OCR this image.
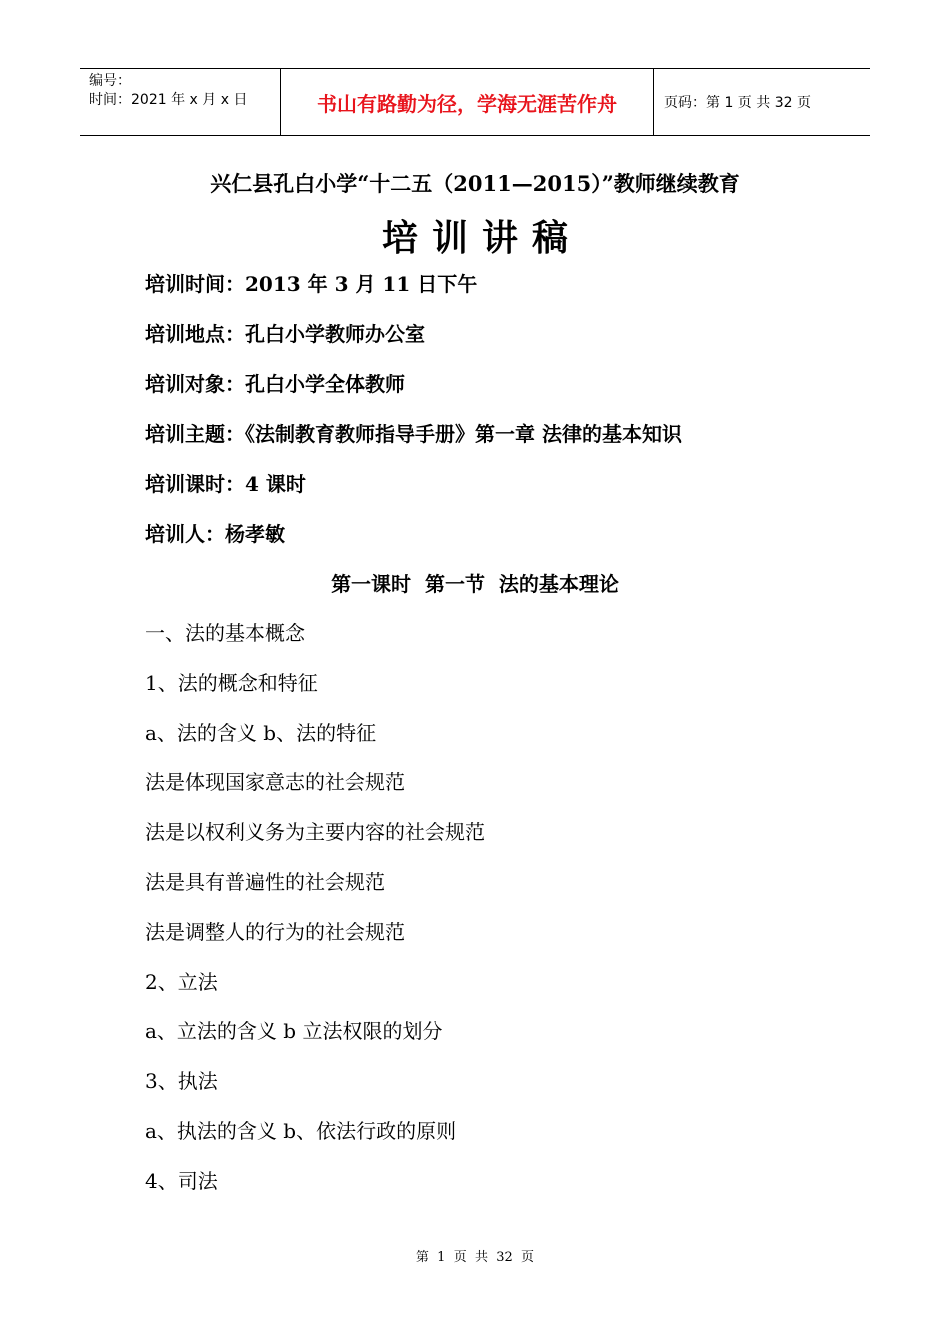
编号：
时间：2021 年 x 月 x 日	书山有路勤为径，学海无涯苦作舟	页码：第 1 页 共 32 页
兴仁县孔白小学“十二五（2011—2015）”教师继续教育
培训讲稿
培训时间：2013 年 3 月 11 日下午
培训地点：孔白小学教师办公室
培训对象：孔白小学全体教师
培训主题：《法制教育教师指导手册》第一章 法律的基本知识
培训课时：4 课时
培训人：杨孝敏
第一课时  第一节  法的基本理论
一、法的基本概念
1、法的概念和特征
a、法的含义 b、法的特征
法是体现国家意志的社会规范
法是以权利义务为主要内容的社会规范
法是具有普遍性的社会规范
法是调整人的行为的社会规范
2、立法
a、立法的含义 b 立法权限的划分
3、执法
a、执法的含义 b、依法行政的原则
4、司法
第  1  页  共  32  页
